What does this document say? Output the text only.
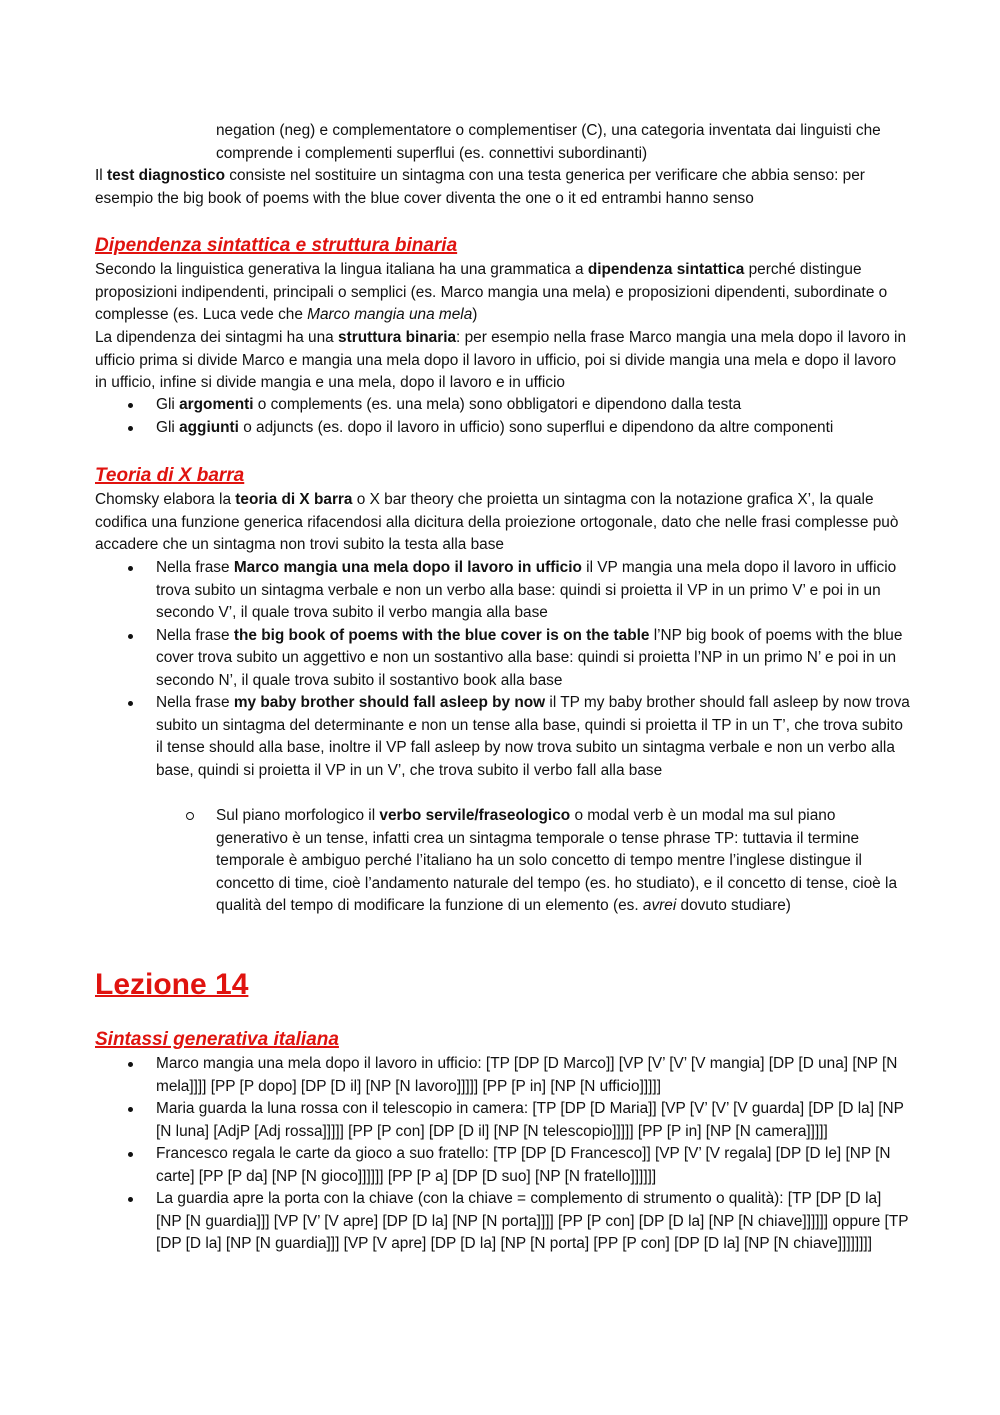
negation (neg) e complementatore o complementiser (C), una categoria inventata dai linguisti che comprende i complementi superflui (es. connettivi subordinanti)

Il test diagnostico consiste nel sostituire un sintagma con una testa generica per verificare che abbia senso: per esempio the big book of poems with the blue cover diventa the one o it ed entrambi hanno senso

Dipendenza sintattica e struttura binaria

Secondo la linguistica generativa la lingua italiana ha una grammatica a dipendenza sintattica perché distingue proposizioni indipendenti, principali o semplici (es. Marco mangia una mela) e proposizioni dipendenti, subordinate o complesse (es. Luca vede che Marco mangia una mela)

La dipendenza dei sintagmi ha una struttura binaria: per esempio nella frase Marco mangia una mela dopo il lavoro in ufficio prima si divide Marco e mangia una mela dopo il lavoro in ufficio, poi si divide mangia una mela e dopo il lavoro in ufficio, infine si divide mangia e una mela, dopo il lavoro e in ufficio

Gli argomenti o complements (es. una mela) sono obbligatori e dipendono dalla testa
Gli aggiunti o adjuncts (es. dopo il lavoro in ufficio) sono superflui e dipendono da altre componenti
Teoria di X barra

Chomsky elabora la teoria di X barra o X bar theory che proietta un sintagma con la notazione grafica X’, la quale codifica una funzione generica rifacendosi alla dicitura della proiezione ortogonale, dato che nelle frasi complesse può accadere che un sintagma non trovi subito la testa alla base

Nella frase Marco mangia una mela dopo il lavoro in ufficio il VP mangia una mela dopo il lavoro in ufficio trova subito un sintagma verbale e non un verbo alla base: quindi si proietta il VP in un primo V’ e poi in un secondo V’, il quale trova subito il verbo mangia alla base
Nella frase the big book of poems with the blue cover is on the table l’NP big book of poems with the blue cover trova subito un aggettivo e non un sostantivo alla base: quindi si proietta l’NP in un primo N’ e poi in un secondo N’, il quale trova subito il sostantivo book alla base
Nella frase my baby brother should fall asleep by now il TP my baby brother should fall asleep by now trova subito un sintagma del determinante e non un tense alla base, quindi si proietta il TP in un T’, che trova subito il tense should alla base, inoltre il VP fall asleep by now trova subito un sintagma verbale e non un verbo alla base, quindi si proietta il VP in un V’, che trova subito il verbo fall alla base

Sul piano morfologico il verbo servile/fraseologico o modal verb è un modal ma sul piano generativo è un tense, infatti crea un sintagma temporale o tense phrase TP: tuttavia il termine temporale è ambiguo perché l’italiano ha un solo concetto di tempo mentre l’inglese distingue il concetto di time, cioè l’andamento naturale del tempo (es. ho studiato), e il concetto di tense, cioè la qualità del tempo di modificare la funzione di un elemento (es. avrei dovuto studiare)

Lezione 14
Sintassi generativa italiana
Marco mangia una mela dopo il lavoro in ufficio: [TP [DP [D Marco]] [VP [V’ [V’ [V mangia] [DP [D una] [NP [N mela]]]] [PP [P dopo] [DP [D il] [NP [N lavoro]]]]] [PP [P in] [NP [N ufficio]]]]]
Maria guarda la luna rossa con il telescopio in camera: [TP [DP [D Maria]] [VP [V’ [V’ [V guarda] [DP [D la] [NP [N luna] [AdjP [Adj rossa]]]]] [PP [P con] [DP [D il] [NP [N telescopio]]]]] [PP [P in] [NP [N camera]]]]]
Francesco regala le carte da gioco a suo fratello: [TP [DP [D Francesco]] [VP [V’ [V regala] [DP [D le] [NP [N carte] [PP [P da] [NP [N gioco]]]]]] [PP [P a] [DP [D suo] [NP [N fratello]]]]]]
La guardia apre la porta con la chiave (con la chiave = complemento di strumento o qualità): [TP [DP [D la] [NP [N guardia]]] [VP [V’ [V apre] [DP [D la] [NP [N porta]]]] [PP [P con] [DP [D la] [NP [N chiave]]]]]] oppure [TP [DP [D la] [NP [N guardia]]] [VP [V apre] [DP [D la] [NP [N porta] [PP [P con] [DP [D la] [NP [N chiave]]]]]]]]
